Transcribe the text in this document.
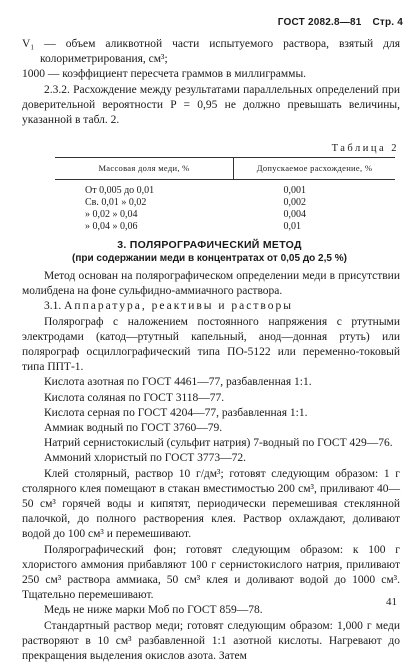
ГОСТ 2082.8—81 Стр. 4

V₁ — объем аликвотной части испытуемого раствора, взятый для колориметрирования, см³;

1000 — коэффициент пересчета граммов в миллиграммы.

2.3.2. Расхождение между результатами параллельных определений при доверительной вероятности P = 0,95 не должно превышать величины, указанной в табл. 2.

Таблица 2
Массовая доля меди, %	Допускаемое расхождение, %
От 0,005 до 0,01	0,001
Св. 0,01 » 0,02	0,002
» 0,02 » 0,04	0,004
» 0,04 » 0,06	0,01
3. ПОЛЯРОГРАФИЧЕСКИЙ МЕТОД
(при содержании меди в концентратах от 0,05 до 2,5 %)

Метод основан на полярографическом определении меди в присутствии молибдена на фоне сульфидно-аммиачного раствора.

3.1. Аппаратура, реактивы и растворы

Полярограф с наложением постоянного напряжения с ртутными электродами (катод—ртутный капельный, анод—донная ртуть) или полярограф осциллографический типа ПО-5122 или переменно-токовый типа ППТ-1.

Кислота азотная по ГОСТ 4461—77, разбавленная 1:1.

Кислота соляная по ГОСТ 3118—77.

Кислота серная по ГОСТ 4204—77, разбавленная 1:1.

Аммиак водный по ГОСТ 3760—79.

Натрий сернистокислый (сульфит натрия) 7-водный по ГОСТ 429—76.

Аммоний хлористый по ГОСТ 3773—72.

Клей столярный, раствор 10 г/дм³; готовят следующим образом: 1 г столярного клея помещают в стакан вместимостью 200 см³, приливают 40—50 см³ горячей воды и кипятят, периодически перемешивая стеклянной палочкой, до полного растворения клея. Раствор охлаждают, доливают водой до 100 см³ и перемешивают.

Полярографический фон; готовят следующим образом: к 100 г хлористого аммония прибавляют 100 г сернистокислого натрия, приливают 250 см³ раствора аммиака, 50 см³ клея и доливают водой до 1000 см³. Тщательно перемешивают.

Медь не ниже марки Моб по ГОСТ 859—78.

Стандартный раствор меди; готовят следующим образом: 1,000 г меди растворяют в 10 см³ разбавленной 1:1 азотной кислоты. Нагревают до прекращения выделения окислов азота. Затем

41
